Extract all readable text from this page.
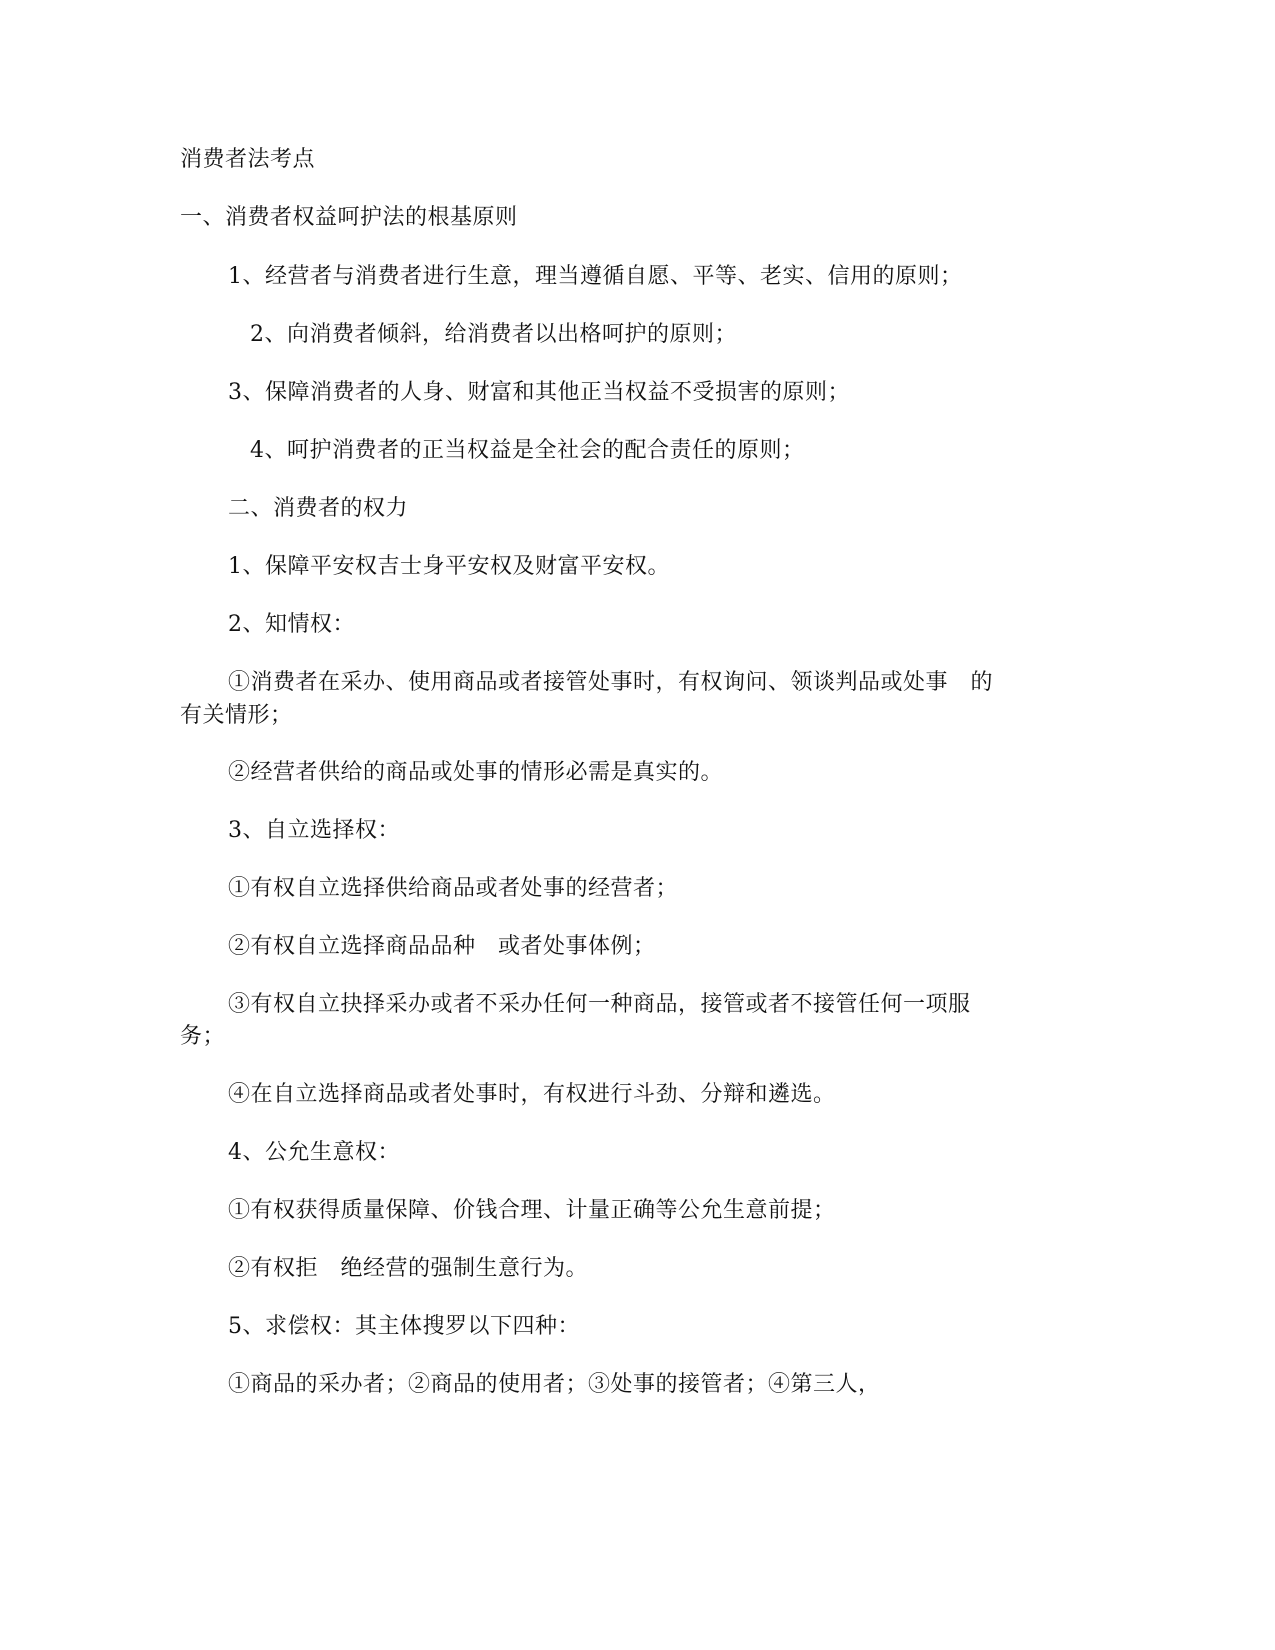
消费者法考点
一、消费者权益呵护法的根基原则
1、经营者与消费者进行生意，理当遵循自愿、平等、老实、信用的原则；
2、向消费者倾斜，给消费者以出格呵护的原则；
3、保障消费者的人身、财富和其他正当权益不受损害的原则；
4、呵护消费者的正当权益是全社会的配合责任的原则；
二、消费者的权力
1、保障平安权吉士身平安权及财富平安权。
2、知情权：
①消费者在采办、使用商品或者接管处事时，有权询问、领谈判品或处事　的
有关情形；
②经营者供给的商品或处事的情形必需是真实的。
3、自立选择权：
①有权自立选择供给商品或者处事的经营者；
②有权自立选择商品品种　或者处事体例；
③有权自立抉择采办或者不采办任何一种商品，接管或者不接管任何一项服
务；
④在自立选择商品或者处事时，有权进行斗劲、分辩和遴选。
4、公允生意权：
①有权获得质量保障、价钱合理、计量正确等公允生意前提；
②有权拒　绝经营的强制生意行为。
5、求偿权：其主体搜罗以下四种：
①商品的采办者；②商品的使用者；③处事的接管者；④第三人，
